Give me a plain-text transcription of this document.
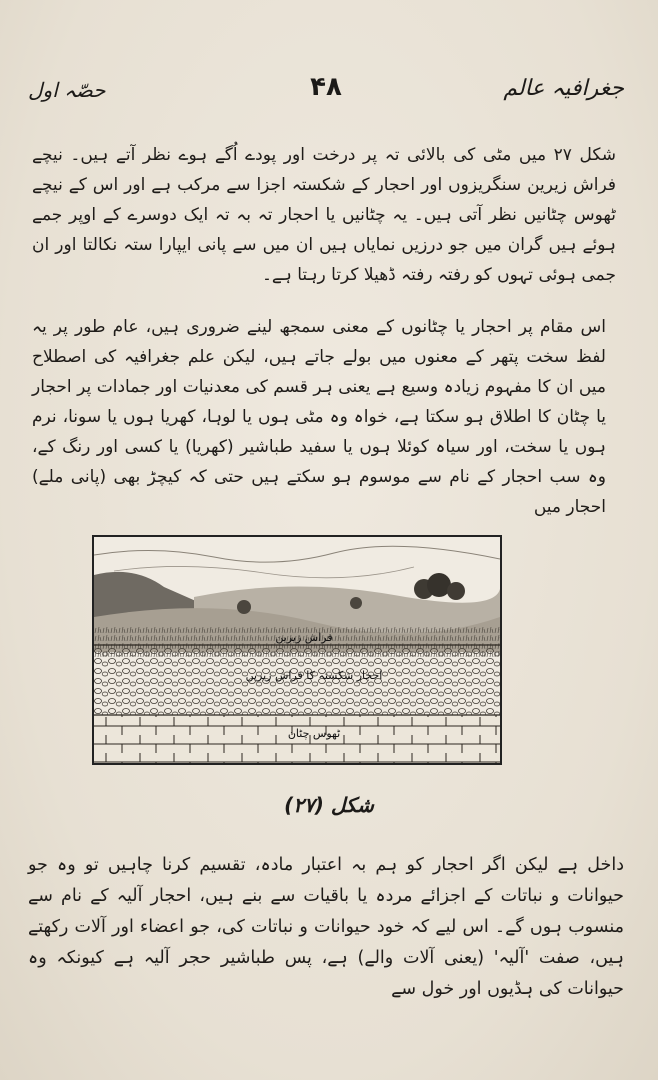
جغرافیہ عالم
۴۸
حصّہ اول

شکل ۲۷ میں مٹی کی بالائی تہ پر درخت اور پودے اُگے ہوے نظر آتے ہیں۔ نیچے فراش زیرین سنگریزوں اور احجار کے شکستہ اجزا سے مرکب ہے اور اس کے نیچے ٹھوس چٹانیں نظر آتی ہیں۔ یہ چٹانیں یا احجار تہ بہ تہ ایک دوسرے کے اوپر جمے ہوئے ہیں گران میں جو درزیں نمایاں ہیں ان میں سے پانی ایپارا ستہ نکالتا اور ان جمی ہوئی تہوں کو رفتہ رفتہ ڈھیلا کرتا رہتا ہے۔

اس مقام پر احجار یا چٹانوں کے معنی سمجھ لینے ضروری ہیں، عام طور پر یہ لفظ سخت پتھر کے معنوں میں بولے جاتے ہیں، لیکن علم جغرافیہ کی اصطلاح میں ان کا مفہوم زیادہ وسیع ہے یعنی ہر قسم کی معدنیات اور جمادات پر احجار یا چٹان کا اطلاق ہو سکتا ہے، خواہ وہ مٹی ہوں یا لوہا، کھریا ہوں یا سونا، نرم ہوں یا سخت، اور سیاہ کوئلا ہوں یا سفید طباشیر (کھریا) یا کسی اور رنگ کے، وہ سب احجار کے نام سے موسوم ہو سکتے ہیں حتی کہ کیچڑ بھی (پانی ملے) احجار میں

فراش زیرین
احجار شکستہ کا فراش زیریں
ٹھوس چٹان
شکل (۲۷)

داخل ہے لیکن اگر احجار کو ہم بہ اعتبار مادہ، تقسیم کرنا چاہیں تو وہ جو حیوانات و نباتات کے اجزائے مردہ یا باقیات سے بنے ہیں، احجار آلیہ کے نام سے منسوب ہوں گے۔ اس لیے کہ خود حیوانات و نباتات کی، جو اعضاء اور آلات رکھتے ہیں، صفت 'آلیہ' (یعنی آلات والے) ہے، پس طباشیر حجر آلیہ ہے کیونکہ وہ حیوانات کی ہڈیوں اور خول سے
